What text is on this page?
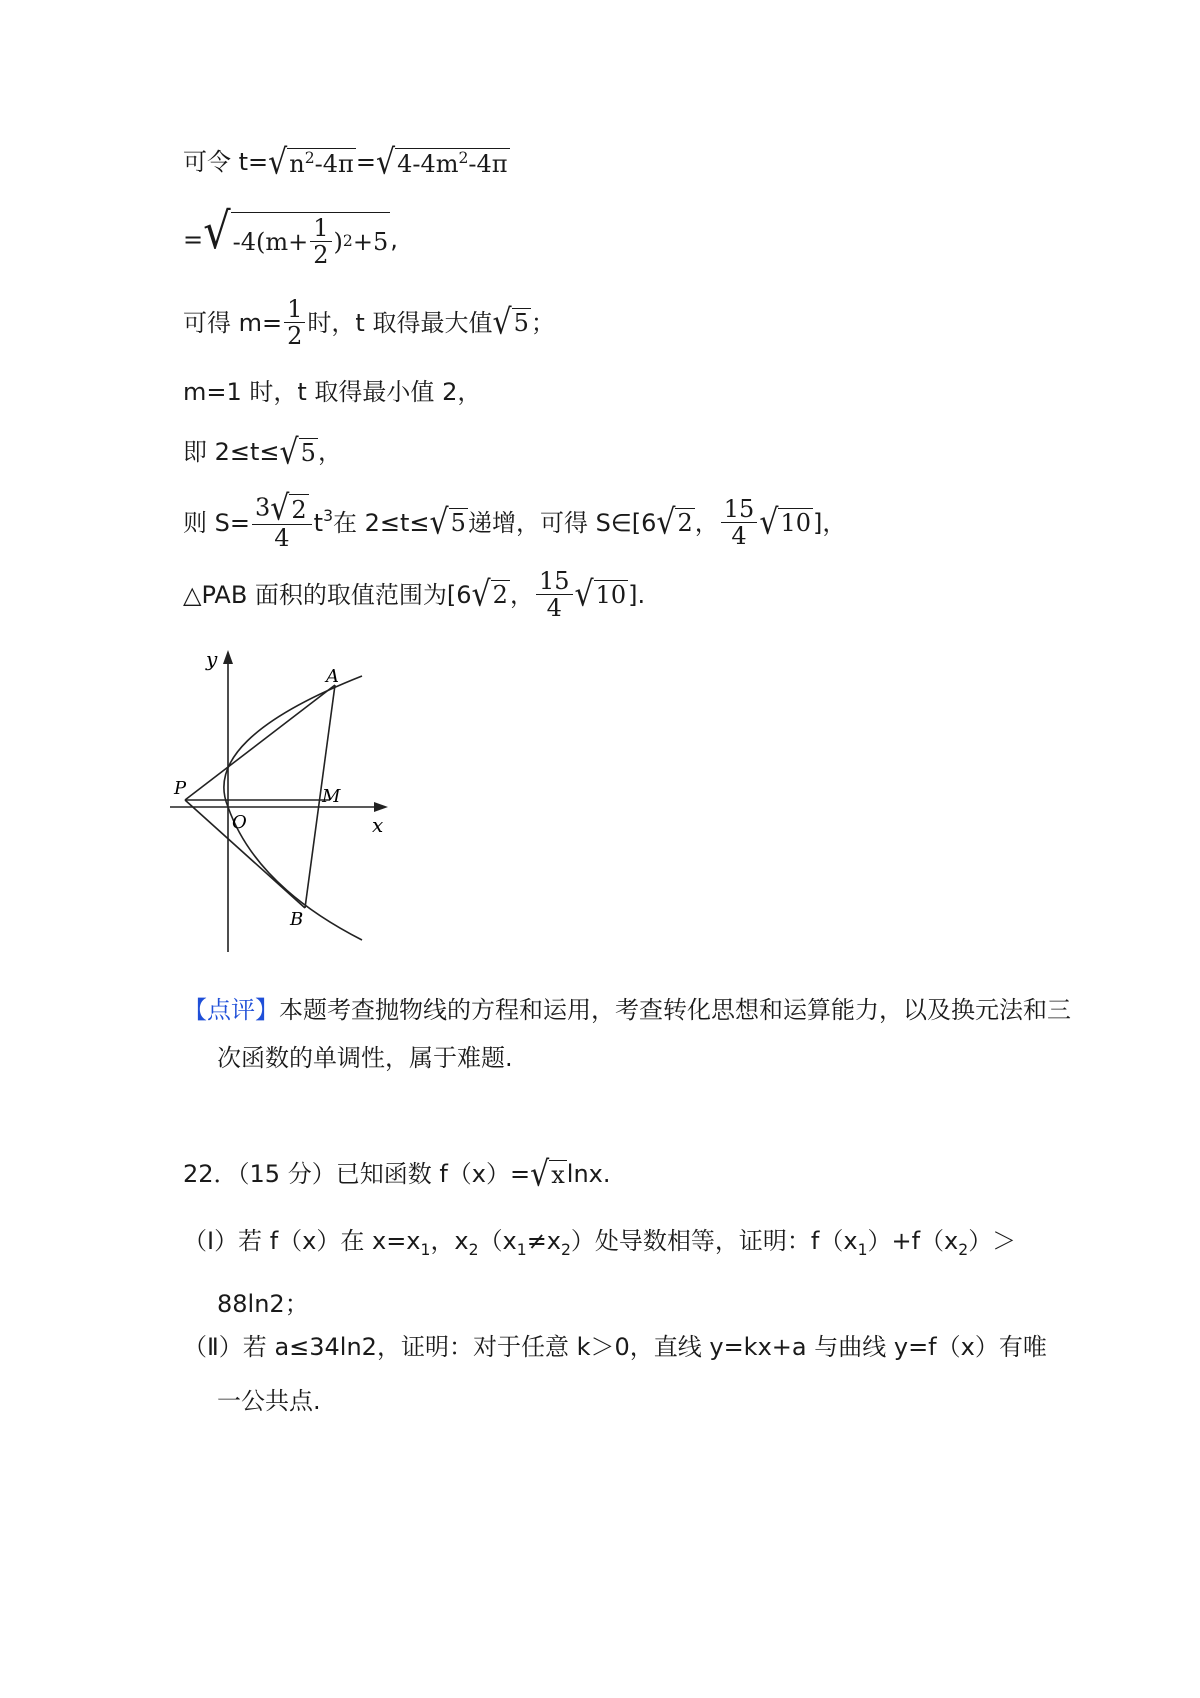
可令 t= √ $n^2-4\pi$ = √ $4-4m^2-4\pi$
= √ $-4(m+ \frac{1}{2}$ ) 2 +5 ,
可得 $m= \frac{1}{2}$ 时，t 取得最大值 √ 5 ；
m=1 时，t 取得最小值 2，
即 2≤t≤ √ 5 ，
则 $S= \frac{3 √ 2}{4} t^3$ 在 2≤t≤ √ 5 递增，可得 S∈[6 √ 2 ， $\frac{15}{4}$ √ 10 ]，
△PAB 面积的取值范围为[6 √ 2 ， $\frac{15}{4}$ √ 10 ].
y
x
A
B
P	M
O
【点评】本题考查抛物线的方程和运用，考查转化思想和运算能力，以及换元法和三次函数的单调性，属于难题.
22．（15 分）已知函数 f（x）= √ x lnx.
（Ⅰ）若 f（x）在 $x=x_1$，$x_2(x_1\ne x_2)$处导数相等，证明：$f(x_1)+f(x_2)>$
88ln2；
（Ⅱ）若 a≤34ln2，证明：对于任意 k＞0，直线 y=kx+a 与曲线 y=f（x）有唯
一公共点.
